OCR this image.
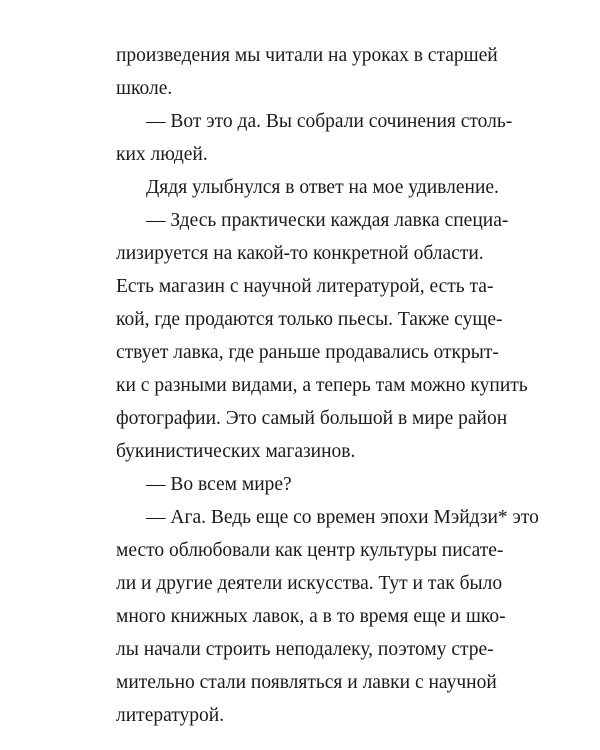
произведения мы читали на уроках в старшей
школе.
— Вот это да. Вы собрали сочинения столь-
ких людей.
Дядя улыбнулся в ответ на мое удивление.
— Здесь практически каждая лавка специа-
лизируется на какой-то конкретной области.
Есть магазин с научной литературой, есть та-
кой, где продаются только пьесы. Также суще-
ствует лавка, где раньше продавались открыт-
ки с разными видами, а теперь там можно купить
фотографии. Это самый большой в мире район
букинистических магазинов.
— Во всем мире?
— Ага. Ведь еще со времен эпохи Мэйдзи* это
место облюбовали как центр культуры писате-
ли и другие деятели искусства. Тут и так было
много книжных лавок, а в то время еще и шко-
лы начали строить неподалеку, поэтому стре-
мительно стали появляться и лавки с научной
литературой.
